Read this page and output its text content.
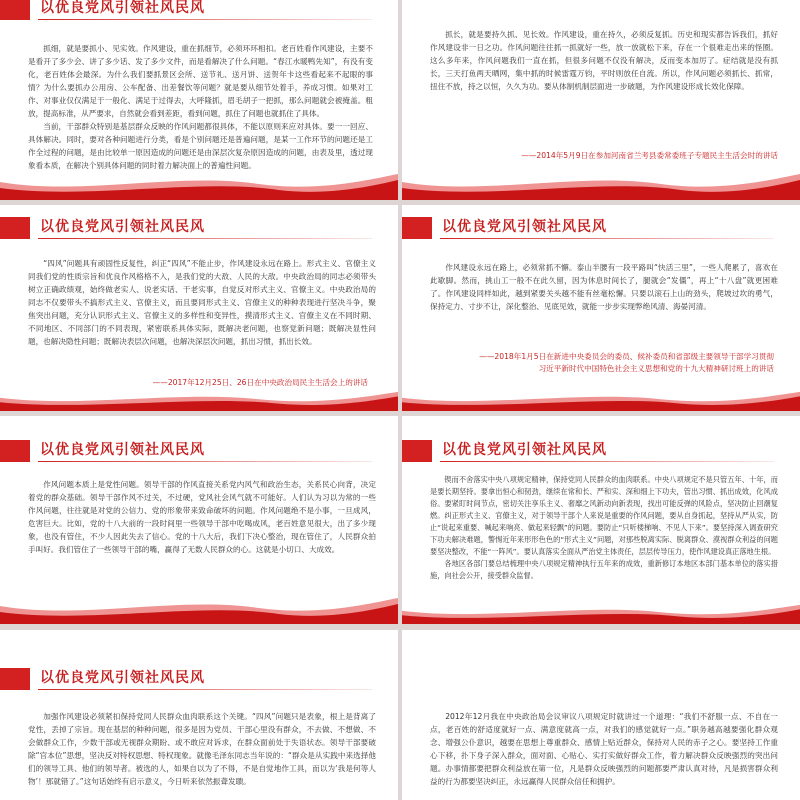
以优良党风引领社风民风

抓细，就是要抓小、见实效。作风建设，重在抓细节，必须环环相扣。老百姓看作风建设，主要不是看开了多少会、讲了多少话、发了多少文件，而是看解决了什么问题。“春江水暖鸭先知”，有没有变化，老百姓体会最深。为什么我们要抓景区会所、送节礼、送月饼、送贺年卡这些看起来不起眼的事情？为什么要抓办公用房、公车配备、出差餐饮等问题？就是要从细节处着手，养成习惯。如果对工作、对事业仅仅满足于一般化、满足于过得去，大呼隆抓，眉毛胡子一把抓，那么问题就会被掩盖。粗放，提高标准，从严要求，自然就会看到差距，看到问题，抓住了问题也就抓住了具体。

当前，干部群众特别是基层群众反映的作风问题都很具体，不能以原则来应对具体。要一一回应、具体解决。同时，要对各种问题进行分类，看是个别问题还是普遍问题，是某一工作环节的问题还是工作全过程的问题，是由比较单一原因造成的问题还是由深层次复杂原因造成的问题，由表及里，透过现象看本质，在解决个别具体问题的同时着力解决面上的普遍性问题。

抓长，就是要持久抓、见长效。作风建设，重在持久，必须反复抓。历史和现实都告诉我们，抓好作风建设非一日之功。作风问题往往抓一抓就好一些，放一放就松下来，存在一个很难走出来的怪圈。这么多年来，作风问题我们一直在抓，但很多问题不仅没有解决，反而变本加厉了。症结就是没有抓长，三天打鱼两天晒网，集中抓的时候雷霆万钧，平时则放任自流。所以，作风问题必须抓长、抓常，扭住不放，持之以恒，久久为功。要从体制机制层面进一步破题，为作风建设形成长效化保障。

——2014年5月9日在参加河南省兰考县委常委班子专题民主生活会时的讲话
以优良党风引领社风民风

“四风”问题具有顽固性反复性，纠正“四风”不能止步，作风建设永远在路上。形式主义、官僚主义同我们党的性质宗旨和优良作风格格不入，是我们党的大敌、人民的大敌。中央政治局的同志必须带头树立正确政绩观，始终做老实人、说老实话、干老实事，自觉反对形式主义、官僚主义。中央政治局的同志不仅要带头不搞形式主义、官僚主义，而且要同形式主义、官僚主义的种种表现进行坚决斗争，聚焦突出问题，充分认识形式主义、官僚主义的多样性和变异性，摸清形式主义、官僚主义在不同时期、不同地区、不同部门的不同表现，紧密联系具体实际，既解决老问题，也察觉新问题；既解决显性问题，也解决隐性问题；既解决表层次问题，也解决深层次问题，抓出习惯，抓出长效。

——2017年12月25日、26日在中央政治局民主生活会上的讲话
以优良党风引领社风民风

作风建设永远在路上，必须常抓不懈。泰山半腰有一段平路叫“快活三里”，一些人爬累了，喜欢在此歇脚。然而，挑山工一般不在此久留，因为休息时间长了，腿就会“发僵”，再上“十八盘”就更困难了。作风建设同样如此，越到紧要关头越不能有丝毫松懈。只要以滚石上山的劲头，爬坡过坎的勇气，保持定力、寸步不让，深化整治、见底见效，就能一步步实现弊绝风清、海晏河清。

——2018年1月5日在新进中央委员会的委员、候补委员和省部级主要领导干部学习贯彻习近平新时代中国特色社会主义思想和党的十九大精神研讨班上的讲话
以优良党风引领社风民风

作风问题本质上是党性问题。领导干部的作风直接关系党内风气和政治生态，关系民心向背，决定着党的群众基础。领导干部作风不过关，不过硬，党风社会风气就不可能好。人们认为习以为常的一些作风问题，往往就是对党的公信力、党的形象带来致命破坏的问题。作风问题绝不是小事，一旦成风，危害巨大。比如，党的十八大前的一段时间里一些领导干部中吃喝成风，老百姓意见很大，出了多少现象，也没有管住，不少人因此失去了信心。党的十八大后，我们下决心整治，现在管住了，人民群众拍手叫好。我们管住了一些领导干部的嘴，赢得了无数人民群众的心。这就是小切口、大成效。

以优良党风引领社风民风

锲而不舍落实中央八项规定精神，保持党同人民群众的血肉联系。中央八项规定不是只管五年、十年，而是要长期坚持。要拿出恒心和韧劲，继续在常和长、严和实、深和细上下功夫，管出习惯、抓出成效，化风成俗。要紧盯时间节点，密切关注享乐主义、奢靡之风新动向新表现，找出可能反弹的风险点，坚决防止回潮复燃。纠正形式主义、官僚主义，对于领导干部个人来说是重要的作风问题，要从自身抓起，坚持从严从实，防止“说起来重要、喊起来响亮、做起来轻飘”的问题。要防止“只听楼梯响、不见人下来”。要坚持深入调查研究下功夫解决难题，警惕近年来形形色色的“形式主义”问题，对那些脱离实际、脱离群众、漠视群众利益的问题要坚决整改，不能“一阵风”。要认真落实全面从严治党主体责任，层层传导压力，使作风建设真正落地生根。

各地区各部门要总结梳理中央八项规定精神执行五年来的成效，重新修订本地区本部门基本单位的落实措施，向社会公开，接受群众监督。

以优良党风引领社风民风

加强作风建设必须紧扣保持党同人民群众血肉联系这个关键。“四风”问题只是表象，根上是背离了党性，丢掉了宗旨。现在基层的种种问题，很多是因为党员、干部心里没有群众，不去做、不想做、不会做群众工作，少数干部或无视群众期盼、或不敢应对诉求，在群众面前处于失语状态。领导干部要破除“官本位”思想，坚决反对特权思想、特权现象。就像毛泽东同志当年说的：“群众是从实践中来选择他们的领导工具、他们的领导者。被选的人，如果自以为了不得，不是自觉地作工具，而以为‘我是何等人物’！那就错了。”这句话始终有启示意义，今日听来依然振聋发聩。

2012年12月我在中央政治局会议审议八项规定时就讲过一个道理：“我们不舒服一点、不自在一点，老百姓的舒适度就好一点、满意度就高一点，对我们的感觉就好一点。”职务越高越要强化群众观念、增强公仆意识，越要在思想上尊重群众、感情上贴近群众，保持对人民的赤子之心。要坚持工作重心下移，扑下身子深入群众，面对面、心贴心、实打实做好群众工作，着力解决群众反映强烈的突出问题。办事情都要把群众利益放在第一位，凡是群众反映强烈的问题都要严肃认真对待，凡是损害群众利益的行为都要坚决纠正，永远赢得人民群众信任和拥护。
